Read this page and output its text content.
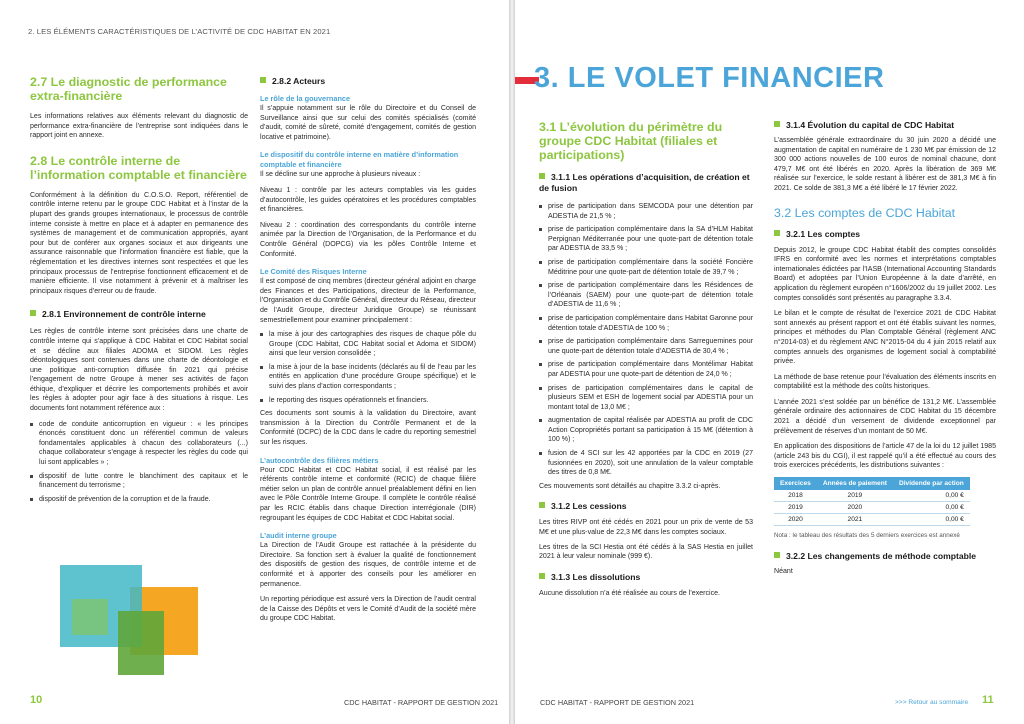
2. LES ÉLÉMENTS CARACTÉRISTIQUES DE L’ACTIVITÉ DE CDC HABITAT EN 2021
2.7 Le diagnostic de performance extra-financière

Les informations relatives aux éléments relevant du diagnostic de performance extra-financière de l’entreprise sont indiquées dans le rapport joint en annexe.

2.8 Le contrôle interne de l’information comptable et financière

Conformément à la définition du C.O.S.O. Report, référentiel de contrôle interne retenu par le groupe CDC Habitat et à l’instar de la plupart des grands groupes internationaux, le processus de contrôle interne consiste à mettre en place et à adapter en permanence des systèmes de management et de communication appropriés, ayant pour but de conférer aux organes sociaux et aux dirigeants une assurance raisonnable que l’information financière est fiable, que la réglementation et les directives internes sont respectées et que les principaux processus de l’entreprise fonctionnent efficacement et de manière efficiente. Il vise notamment à prévenir et à maîtriser les principaux risques d’erreur ou de fraude.

2.8.1 Environnement de contrôle interne

Les règles de contrôle interne sont précisées dans une charte de contrôle interne qui s’applique à CDC Habitat et CDC Habitat social et se décline aux filiales ADOMA et SIDOM. Les règles déontologiques sont contenues dans une charte de déontologie et une politique anti-corruption diffusée fin 2021 qui précise l’engagement de notre Groupe à mener ses activités de façon éthique, d’expliquer et décrire les comportements prohibés et avoir les règles à adopter pour agir face à des situations à risque. Les documents font notamment référence aux :

code de conduite anticorruption en vigueur : « les principes énoncés constituent donc un référentiel commun de valeurs fondamentales applicables à chacun des collaborateurs (...) chaque collaborateur s’engage à respecter les règles du code qui lui sont applicables » ;
dispositif de lutte contre le blanchiment des capitaux et le financement du terrorisme ;
dispositif de prévention de la corruption et de la fraude.
2.8.2 Acteurs
Le rôle de la gouvernance

Il s’appuie notamment sur le rôle du Directoire et du Conseil de Surveillance ainsi que sur celui des comités spécialisés (comité d’audit, comité de sûreté, comité d’engagement, comités de gestion locative et patrimoine).

Le dispositif du contrôle interne en matière d’information comptable et financière

Il se décline sur une approche à plusieurs niveaux :

Niveau 1 : contrôle par les acteurs comptables via les guides d’autocontrôle, les guides opératoires et les procédures comptables et financières.

Niveau 2 : coordination des correspondants du contrôle interne animée par la Direction de l’Organisation, de la Performance et du Contrôle Général (DOPCG) via les pôles Contrôle Interne et Conformité.

Le Comité des Risques Interne

Il est composé de cinq membres (directeur général adjoint en charge des Finances et des Participations, directeur de la Performance, l’Organisation et du Contrôle Général, directeur du Réseau, directeur de l’Audit Groupe, directeur Juridique Groupe) se réunissant semestriellement pour examiner principalement :

la mise à jour des cartographies des risques de chaque pôle du Groupe (CDC Habitat, CDC Habitat social et Adoma et SIDOM) ainsi que leur version consolidée ;
la mise à jour de la base incidents (déclarés au fil de l’eau par les entités en application d’une procédure Groupe spécifique) et le suivi des plans d’action correspondants ;
le reporting des risques opérationnels et financiers.

Ces documents sont soumis à la validation du Directoire, avant transmission à la Direction du Contrôle Permanent et de la Conformité (DCPC) de la CDC dans le cadre du reporting semestriel sur les risques.

L’autocontrôle des filières métiers

Pour CDC Habitat et CDC Habitat social, il est réalisé par les référents contrôle interne et conformité (RCIC) de chaque filière métier selon un plan de contrôle annuel préalablement défini en lien avec le Pôle Contrôle Interne Groupe. Il complète le contrôle réalisé par les RCIC établis dans chaque Direction interrégionale (DIR) regroupant les équipes de CDC Habitat et CDC Habitat social.

L’audit interne groupe

La Direction de l’Audit Groupe est rattachée à la présidente du Directoire. Sa fonction sert à évaluer la qualité de fonctionnement des dispositifs de gestion des risques, de contrôle interne et de conformité et à apporter des conseils pour les améliorer en permanence.

Un reporting périodique est assuré vers la Direction de l’audit central de la Caisse des Dépôts et vers le Comité d’Audit de la société mère du groupe CDC Habitat.

10	CDC HABITAT - RAPPORT DE GESTION 2021
3. LE VOLET FINANCIER
3.1 L’évolution du périmètre du groupe CDC Habitat (filiales et participations)
3.1.1 Les opérations d’acquisition, de création et de fusion
prise de participation dans SEMCODA pour une détention par ADESTIA de 21,5 % ;
prise de participation complémentaire dans la SA d’HLM Habitat Perpignan Méditerranée pour une quote-part de détention totale par ADESTIA de 33,5 % ;
prise de participation complémentaire dans la société Foncière Méditrine pour une quote-part de détention totale de 39,7 % ;
prise de participation complémentaire dans les Résidences de l’Orléanais (SAEM) pour une quote-part de détention totale d’ADESTIA de 11,6 % ;
prise de participation complémentaire dans Habitat Garonne pour détention totale d’ADESTIA de 100 % ;
prise de participation complémentaire dans Sarreguemines pour une quote-part de détention totale d’ADESTIA de 30,4 % ;
prise de participation complémentaire dans Montélimar Habitat par ADESTIA pour une quote-part de détention de 24,0 % ;
prises de participation complémentaires dans le capital de plusieurs SEM et ESH de logement social par ADESTIA pour un montant total de 13,0 M€ ;
augmentation de capital réalisée par ADESTIA au profit de CDC Action Copropriétés portant sa participation à 15 M€ (détention à 100 %) ;
fusion de 4 SCI sur les 42 apportées par la CDC en 2019 (27 fusionnées en 2020), soit une annulation de la valeur comptable des titres de 0,8 M€.

Ces mouvements sont détaillés au chapitre 3.3.2 ci-après.

3.1.2 Les cessions

Les titres RIVP ont été cédés en 2021 pour un prix de vente de 53 M€ et une plus-value de 22,3 M€ dans les comptes sociaux.

Les titres de la SCI Hestia ont été cédés à la SAS Hestia en juillet 2021 à leur valeur nominale (999 €).

3.1.3 Les dissolutions

Aucune dissolution n’a été réalisée au cours de l’exercice.

3.1.4 Évolution du capital de CDC Habitat

L’assemblée générale extraordinaire du 30 juin 2020 a décidé une augmentation de capital en numéraire de 1 230 M€ par émission de 12 300 000 actions nouvelles de 100 euros de nominal chacune, dont 479,7 M€ ont été libérés en 2020. Après la libération de 369 M€ réalisée sur l’exercice, le solde restant à libérer est de 381,3 M€ à fin 2021. Ce solde de 381,3 M€ a été libéré le 17 février 2022.

3.2 Les comptes de CDC Habitat
3.2.1 Les comptes

Depuis 2012, le groupe CDC Habitat établit des comptes consolidés IFRS en conformité avec les normes et interprétations comptables internationales édictées par l’IASB (International Accounting Standards Board) et adoptées par l’Union Européenne à la date d’arrêté, en application du règlement européen n°1606/2002 du 19 juillet 2002. Les comptes consolidés sont présentés au paragraphe 3.3.4.

Le bilan et le compte de résultat de l’exercice 2021 de CDC Habitat sont annexés au présent rapport et ont été établis suivant les normes, principes et méthodes du Plan Comptable Général (règlement ANC n°2014-03) et du règlement ANC N°2015-04 du 4 juin 2015 relatif aux comptes annuels des organismes de logement social à comptabilité privée.

La méthode de base retenue pour l’évaluation des éléments inscrits en comptabilité est la méthode des coûts historiques.

L’année 2021 s’est soldée par un bénéfice de 131,2 M€. L’assemblée générale ordinaire des actionnaires de CDC Habitat du 15 décembre 2021 a décidé d’un versement de dividende exceptionnel par prélèvement de réserves d’un montant de 50 M€.

En application des dispositions de l’article 47 de la loi du 12 juillet 1985 (article 243 bis du CGI), il est rappelé qu’il a été effectué au cours des trois exercices précédents, les distributions suivantes :

Exercices	Années de paiement	Dividende par action
2018	2019	0,00 €
2019	2020	0,00 €
2020	2021	0,00 €

Nota : le tableau des résultats des 5 derniers exercices est annexé

3.2.2 Les changements de méthode comptable

Néant

CDC HABITAT - RAPPORT DE GESTION 2021	>>> Retour au sommaire 11
